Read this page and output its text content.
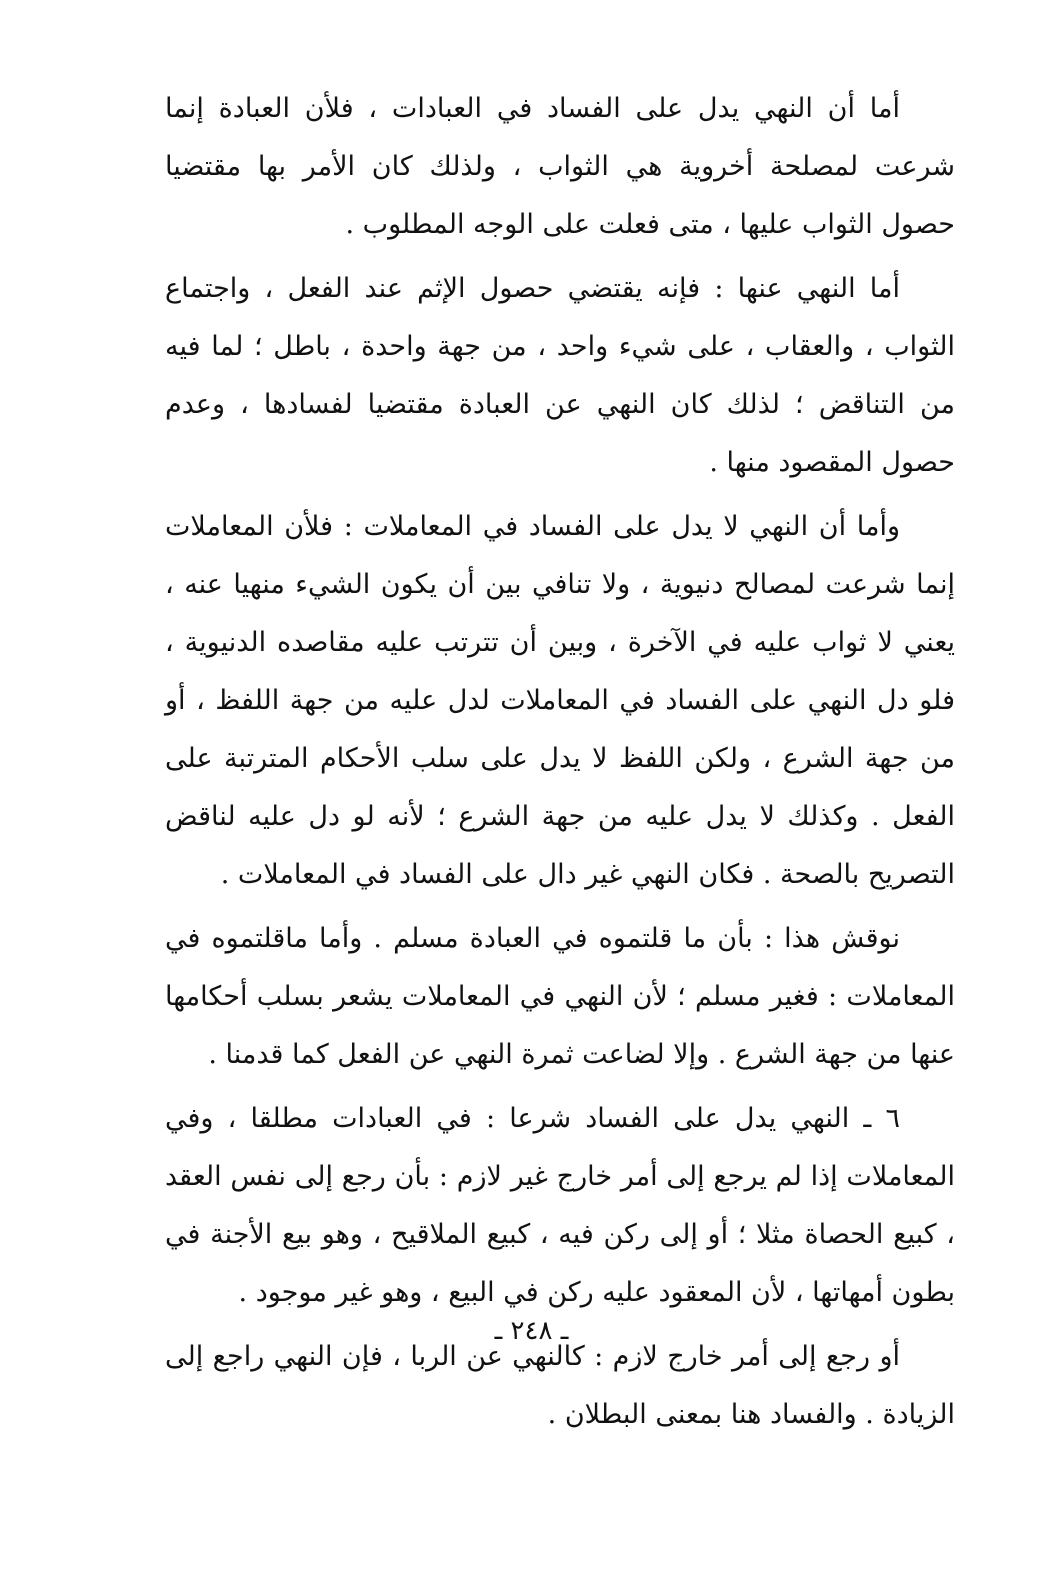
أما أن النهي يدل على الفساد في العبادات ، فلأن العبادة إنما شرعت لمصلحة أخروية هي الثواب ، ولذلك كان الأمر بها مقتضيا حصول الثواب عليها ، متى فعلت على الوجه المطلوب .

أما النهي عنها : فإنه يقتضي حصول الإثم عند الفعل ، واجتماع الثواب ، والعقاب ، على شيء واحد ، من جهة واحدة ، باطل ؛ لما فيه من التناقض ؛ لذلك كان النهي عن العبادة مقتضيا لفسادها ، وعدم حصول المقصود منها .

وأما أن النهي لا يدل على الفساد في المعاملات : فلأن المعاملات إنما شرعت لمصالح دنيوية ، ولا تنافي بين أن يكون الشيء منهيا عنه ، يعني لا ثواب عليه في الآخرة ، وبين أن تترتب عليه مقاصده الدنيوية ، فلو دل النهي على الفساد في المعاملات لدل عليه من جهة اللفظ ، أو من جهة الشرع ، ولكن اللفظ لا يدل على سلب الأحكام المترتبة على الفعل . وكذلك لا يدل عليه من جهة الشرع ؛ لأنه لو دل عليه لناقض التصريح بالصحة . فكان النهي غير دال على الفساد في المعاملات .

نوقش هذا : بأن ما قلتموه في العبادة مسلم . وأما ماقلتموه في المعاملات : فغير مسلم ؛ لأن النهي في المعاملات يشعر بسلب أحكامها عنها من جهة الشرع . وإلا لضاعت ثمرة النهي عن الفعل كما قدمنا .

٦ ـ النهي يدل على الفساد شرعا : في العبادات مطلقا ، وفي المعاملات إذا لم يرجع إلى أمر خارج غير لازم : بأن رجع إلى نفس العقد ، كبيع الحصاة مثلا ؛ أو إلى ركن فيه ، كبيع الملاقيح ، وهو بيع الأجنة في بطون أمهاتها ، لأن المعقود عليه ركن في البيع ، وهو غير موجود .

أو رجع إلى أمر خارج لازم : كالنهي عن الربا ، فإن النهي راجع إلى الزيادة . والفساد هنا بمعنى البطلان .

ـ ٢٤٨ ـ
